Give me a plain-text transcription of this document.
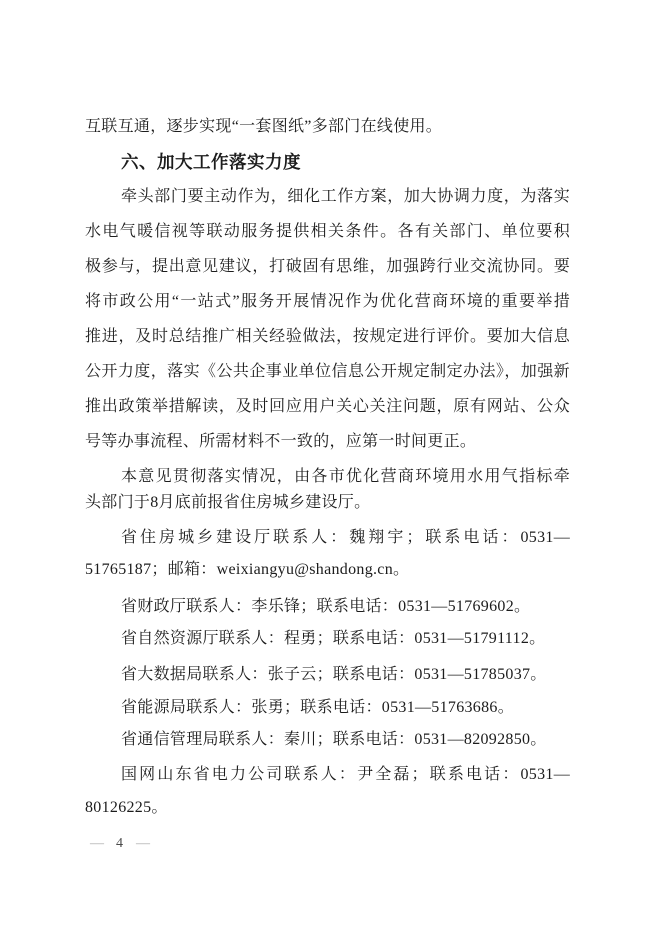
互联互通，逐步实现“一套图纸”多部门在线使用。
六、加大工作落实力度
牵头部门要主动作为，细化工作方案，加大协调力度，为落实
水电气暖信视等联动服务提供相关条件。各有关部门、单位要积
极参与，提出意见建议，打破固有思维，加强跨行业交流协同。要
将市政公用“一站式”服务开展情况作为优化营商环境的重要举措
推进，及时总结推广相关经验做法，按规定进行评价。要加大信息
公开力度，落实《公共企事业单位信息公开规定制定办法》，加强新
推出政策举措解读，及时回应用户关心关注问题，原有网站、公众
号等办事流程、所需材料不一致的，应第一时间更正。
本意见贯彻落实情况，由各市优化营商环境用水用气指标牵
头部门于8月底前报省住房城乡建设厅。
省住房城乡建设厅联系人：魏翔宇；联系电话：0531—
51765187；邮箱：weixiangyu@shandong.cn。
省财政厅联系人：李乐锋；联系电话：0531—51769602。
省自然资源厅联系人：程勇；联系电话：0531—51791112。
省大数据局联系人：张子云；联系电话：0531—51785037。
省能源局联系人：张勇；联系电话：0531—51763686。
省通信管理局联系人：秦川；联系电话：0531—82092850。
国网山东省电力公司联系人：尹全磊；联系电话：0531—
80126225。
— 4 —
